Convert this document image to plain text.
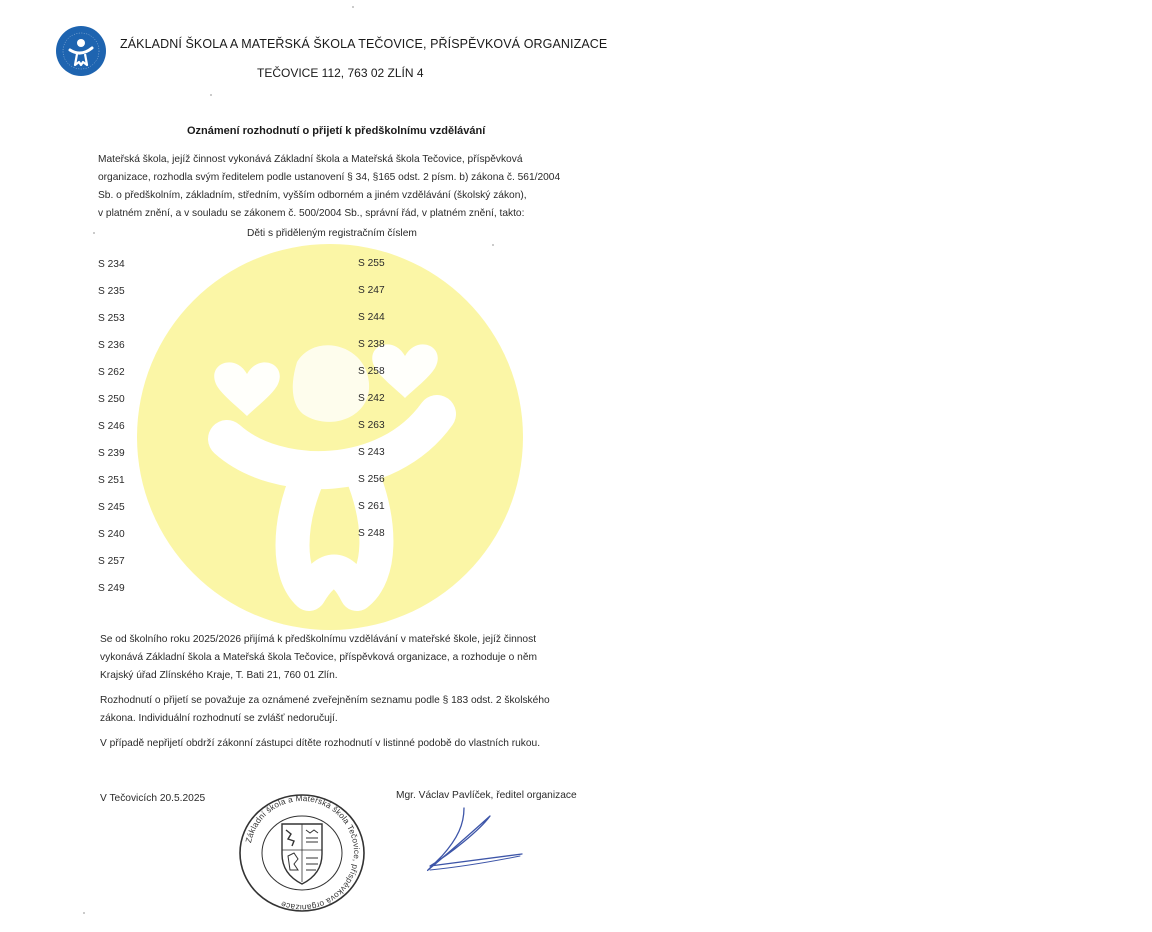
ZÁKLADNÍ ŠKOLA A MATEŘSKÁ ŠKOLA TEČOVICE, PŘÍSPĚVKOVÁ ORGANIZACE
TEČOVICE 112, 763 02 ZLÍN 4
Oznámení rozhodnutí o přijetí k předškolnímu vzdělávání
Mateřská škola, jejíž činnost vykonává Základní škola a Mateřská škola Tečovice, příspěvková
organizace, rozhodla svým ředitelem podle ustanovení § 34, §165 odst. 2 písm. b) zákona č. 561/2004
Sb. o předškolním, základním, středním, vyšším odborném a jiném vzdělávání (školský zákon),
v platném znění, a v souladu se zákonem č. 500/2004 Sb., správní řád, v platném znění, takto:
Děti s přiděleným registračním číslem
S 234
S 235
S 253
S 236
S 262
S 250
S 246
S 239
S 251
S 245
S 240
S 257
S 249
S 255
S 247
S 244
S 238
S 258
S 242
S 263
S 243
S 256
S 261
S 248
Se od školního roku 2025/2026 přijímá k předškolnímu vzdělávání v mateřské škole, jejíž činnost
vykonává Základní škola a Mateřská škola Tečovice, příspěvková organizace, a rozhoduje o něm
Krajský úřad Zlínského Kraje, T. Bati 21, 760 01 Zlín.
Rozhodnutí o přijetí se považuje za oznámené zveřejněním seznamu podle § 183 odst. 2 školského
zákona. Individuální rozhodnutí se zvlášť nedoručují.
V případě nepřijetí obdrží zákonní zástupci dítěte rozhodnutí v listinné podobě do vlastních rukou.
V Tečovicích 20.5.2025	Mgr. Václav Pavlíček, ředitel organizace
Základní škola a Mateřská škola Tečovice, příspěvková organizace
